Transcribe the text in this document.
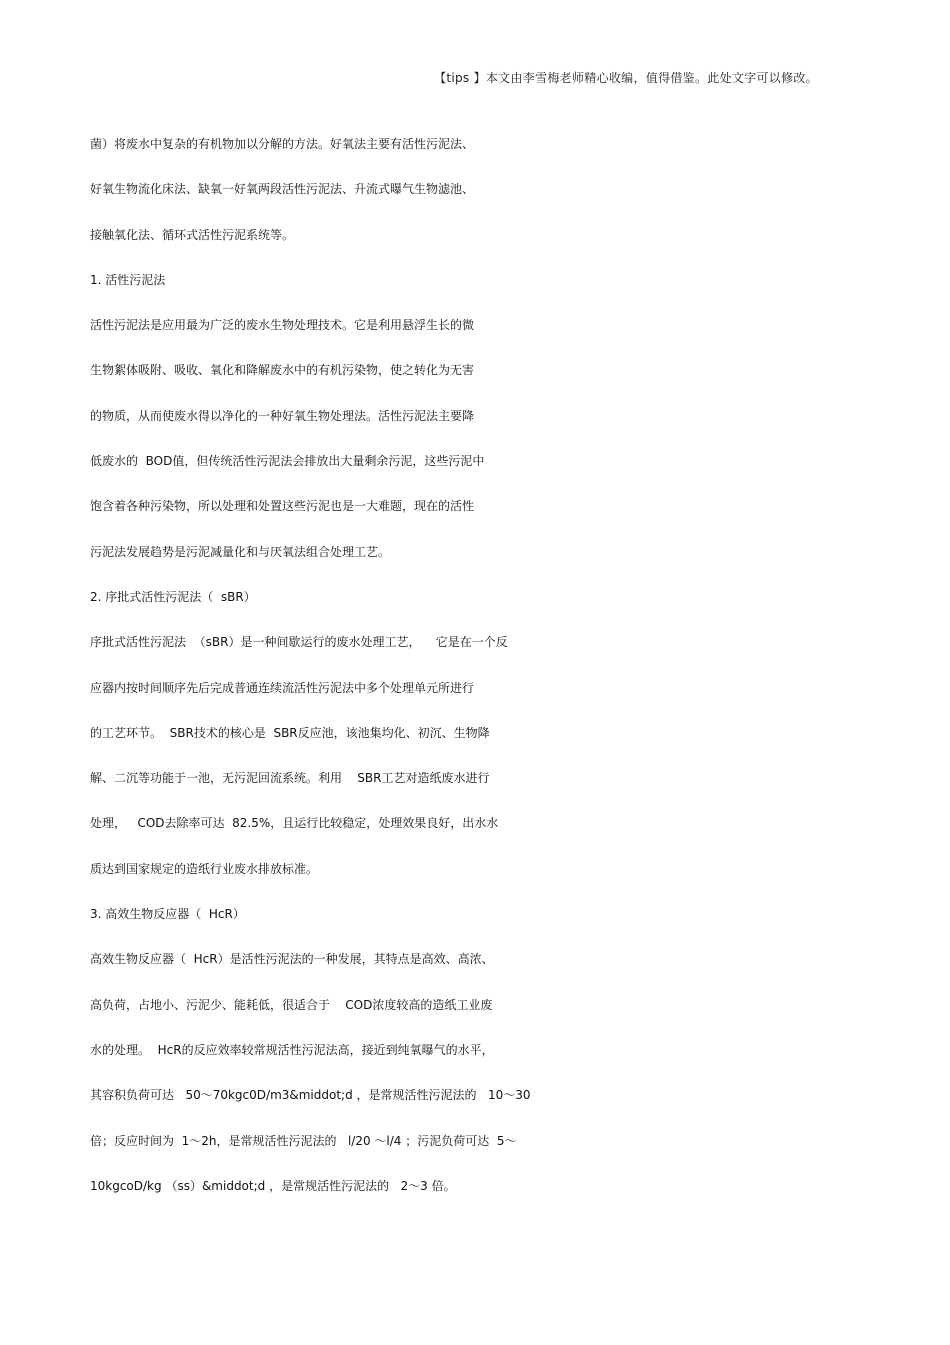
【tips 】本文由李雪梅老师精心收编，值得借鉴。此处文字可以修改。
菌）将废水中复杂的有机物加以分解的方法。好氧法主要有活性污泥法、
好氧生物流化床法、缺氧一好氧两段活性污泥法、升流式曝气生物滤池、
接触氧化法、循环式活性污泥系统等。
1. 活性污泥法
活性污泥法是应用最为广泛的废水生物处理技术。它是利用悬浮生长的微
生物絮体吸附、吸收、氧化和降解废水中的有机污染物，使之转化为无害
的物质，从而使废水得以净化的一种好氧生物处理法。活性污泥法主要降
低废水的  BOD值，但传统活性污泥法会排放出大量剩余污泥，这些污泥中
饱含着各种污染物，所以处理和处置这些污泥也是一大难题，现在的活性
污泥法发展趋势是污泥减量化和与厌氧法组合处理工艺。
2. 序批式活性污泥法（  sBR）
序批式活性污泥法  （sBR）是一种间歇运行的废水处理工艺，    它是在一个反
应器内按时间顺序先后完成普通连续流活性污泥法中多个处理单元所进行
的工艺环节。  SBR技术的核心是  SBR反应池，该池集均化、初沉、生物降
解、二沉等功能于一池，无污泥回流系统。利用    SBR工艺对造纸废水进行
处理，   COD去除率可达  82.5%，且运行比较稳定，处理效果良好，出水水
质达到国家规定的造纸行业废水排放标准。
3. 高效生物反应器（  HcR）
高效生物反应器（  HcR）是活性污泥法的一种发展，其特点是高效、高浓、
高负荷，占地小、污泥少、能耗低，很适合于    COD浓度较高的造纸工业废
水的处理。  HcR的反应效率较常规活性污泥法高，接近到纯氧曝气的水平，
其容积负荷可达   50～70kgc0D/m3&middot;d ，是常规活性污泥法的   10～30
倍；反应时间为  1～2h，是常规活性污泥法的   l/20 ～l/4 ；污泥负荷可达  5～
10kgcoD/kg （ss）&middot;d ，是常规活性污泥法的   2～3 倍。
